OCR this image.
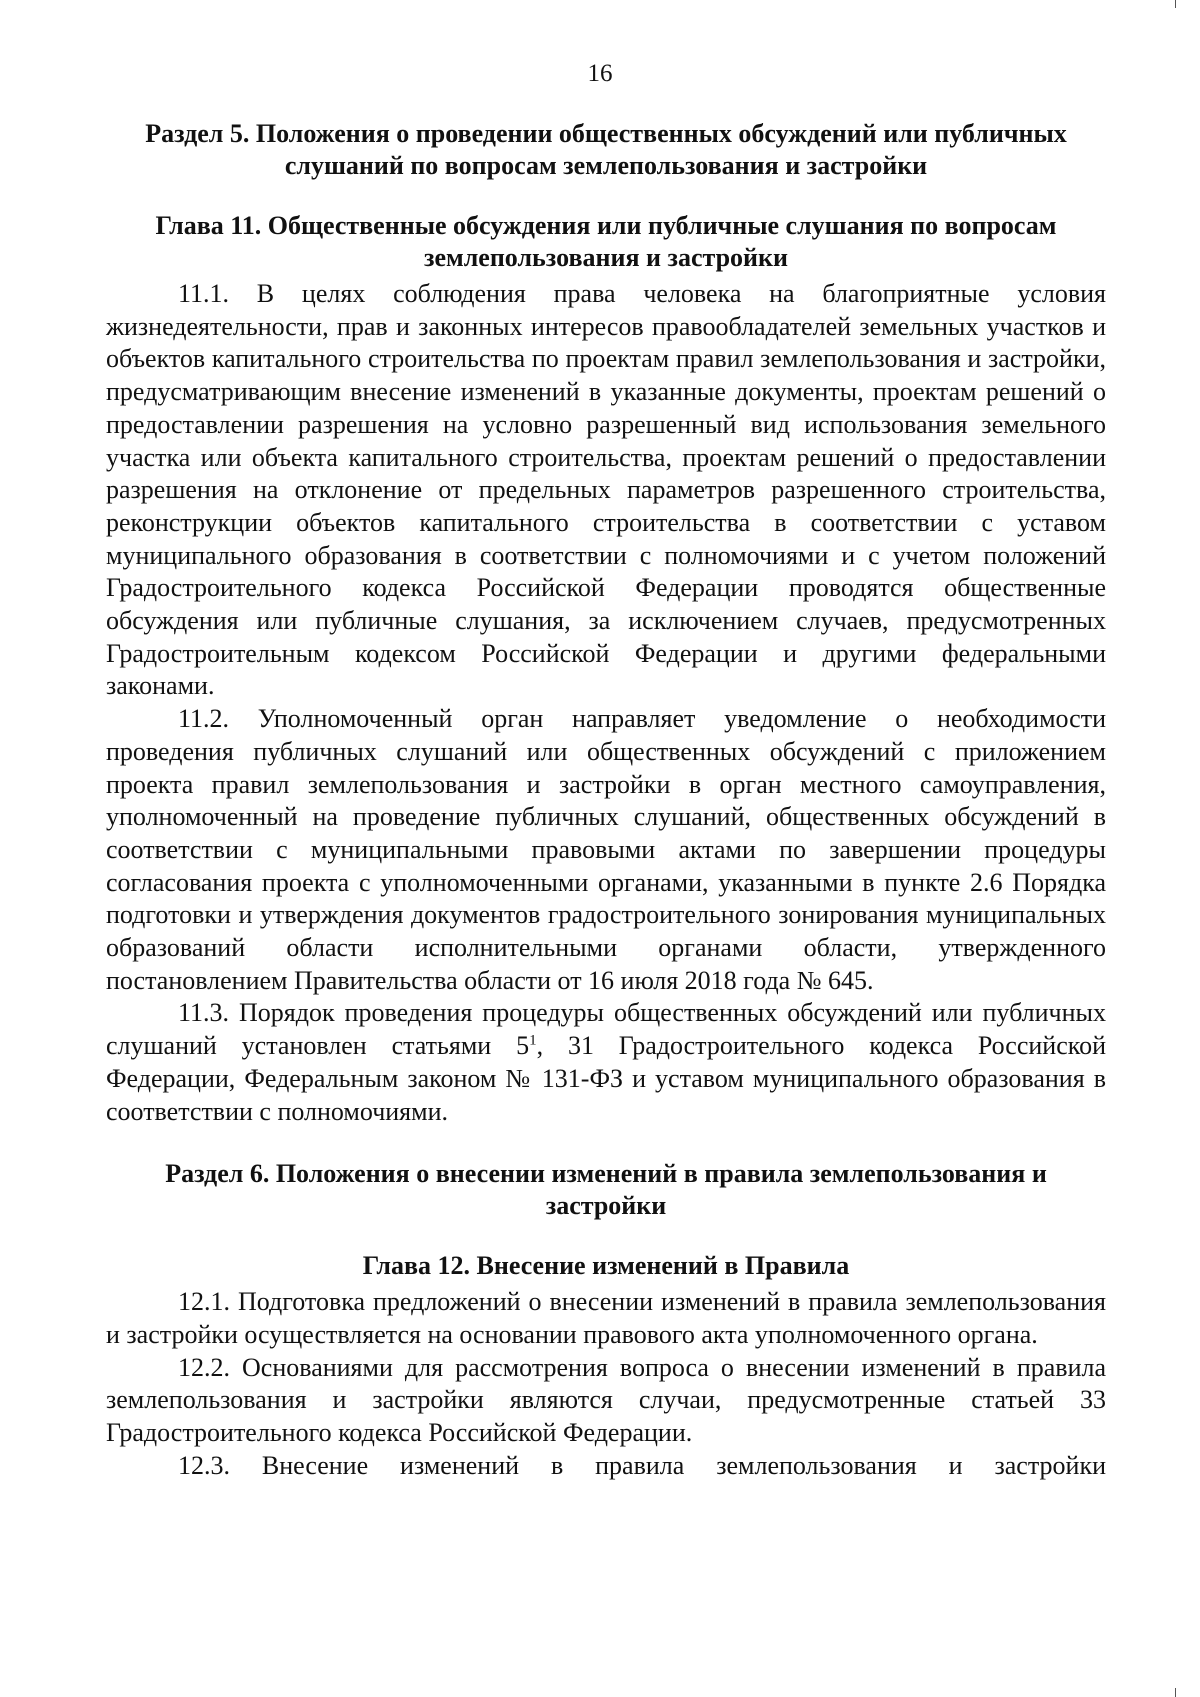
16
Раздел 5. Положения о проведении общественных обсуждений или публичных слушаний по вопросам землепользования и застройки
Глава 11. Общественные обсуждения или публичные слушания по вопросам землепользования и застройки

11.1. В целях соблюдения права человека на благоприятные условия жизнедеятельности, прав и законных интересов правообладателей земельных участков и объектов капитального строительства по проектам правил землепользования и застройки, предусматривающим внесение изменений в указанные документы, проектам решений о предоставлении разрешения на условно разрешенный вид использования земельного участка или объекта капитального строительства, проектам решений о предоставлении разрешения на отклонение от предельных параметров разрешенного строительства, реконструкции объектов капитального строительства в соответствии с уставом муниципального образования в соответствии с полномочиями и с учетом положений Градостроительного кодекса Российской Федерации проводятся общественные обсуждения или публичные слушания, за исключением случаев, предусмотренных Градостроительным кодексом Российской Федерации и другими федеральными законами.

11.2. Уполномоченный орган направляет уведомление о необходимости проведения публичных слушаний или общественных обсуждений с приложением проекта правил землепользования и застройки в орган местного самоуправления, уполномоченный на проведение публичных слушаний, общественных обсуждений в соответствии с муниципальными правовыми актами по завершении процедуры согласования проекта с уполномоченными органами, указанными в пункте 2.6 Порядка подготовки и утверждения документов градостроительного зонирования муниципальных образований области исполнительными органами области, утвержденного постановлением Правительства области от 16 июля 2018 года № 645.

11.3. Порядок проведения процедуры общественных обсуждений или публичных слушаний установлен статьями $5^1$, 31 Градостроительного кодекса Российской Федерации, Федеральным законом № 131-ФЗ и уставом муниципального образования в соответствии с полномочиями.

Раздел 6. Положения о внесении изменений в правила землепользования и застройки
Глава 12. Внесение изменений в Правила

12.1. Подготовка предложений о внесении изменений в правила землепользования и застройки осуществляется на основании правового акта уполномоченного органа.

12.2. Основаниями для рассмотрения вопроса о внесении изменений в правила землепользования и застройки являются случаи, предусмотренные статьей 33 Градостроительного кодекса Российской Федерации.

12.3. Внесение изменений в правила землепользования и застройки
